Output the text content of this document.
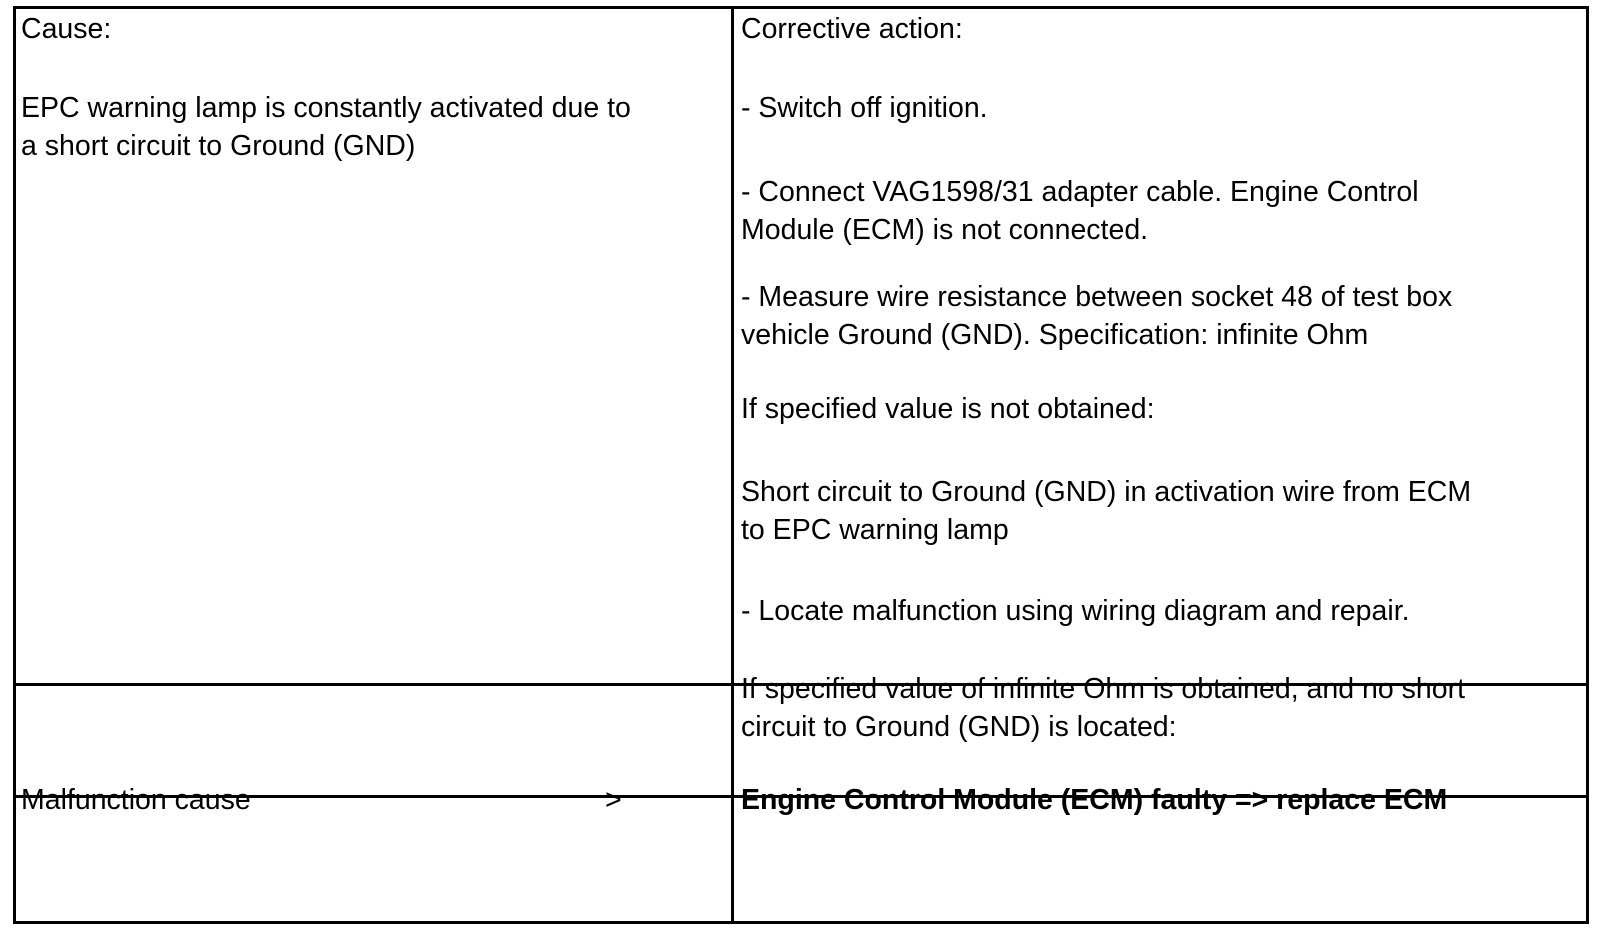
Cause:

EPC warning lamp is constantly activated due to

a short circuit to Ground (GND)

Corrective action:

- Switch off ignition.

- Connect VAG1598/31 adapter cable. Engine Control

Module (ECM) is not connected.

- Measure wire resistance between socket 48 of test box

vehicle Ground (GND). Specification: infinite Ohm

If specified value is not obtained:

Short circuit to Ground (GND) in activation wire from ECM

to EPC warning lamp

- Locate malfunction using wiring diagram and repair.

If specified value of infinite Ohm is obtained, and no short

circuit to Ground (GND) is located:

Malfunction cause	>	Engine Control Module (ECM) faulty => replace ECM
